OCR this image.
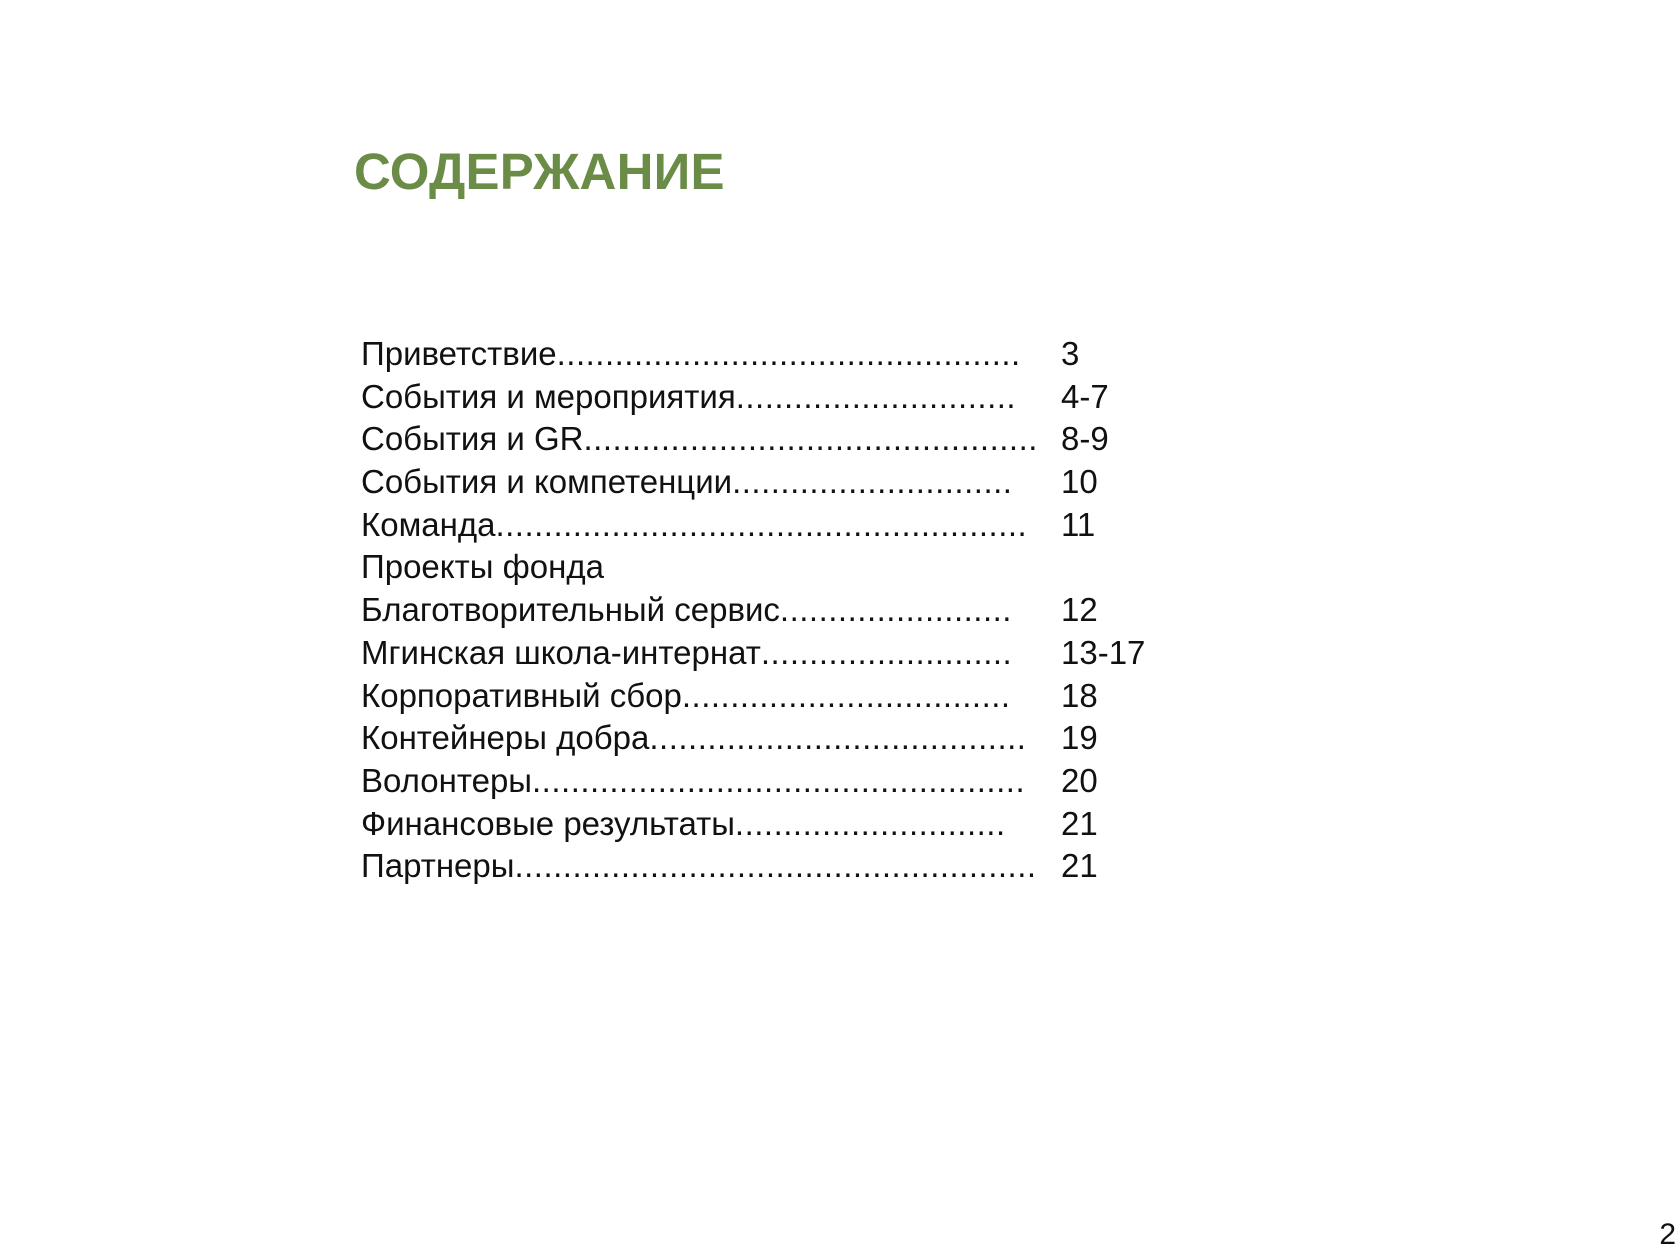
СОДЕРЖАНИЕ
Приветствие................................................ 3
События и мероприятия............................. 4-7
События и GR............................................... 8-9
События и компетенции............................. 10
Команда....................................................... 11
Проекты фонда
Благотворительный сервис........................ 12
Мгинская школа-интернат.......................... 13-17
Корпоративный сбор.................................. 18
Контейнеры добра....................................... 19
Волонтеры................................................... 20
Финансовые результаты............................ 21
Партнеры...................................................... 21
2
